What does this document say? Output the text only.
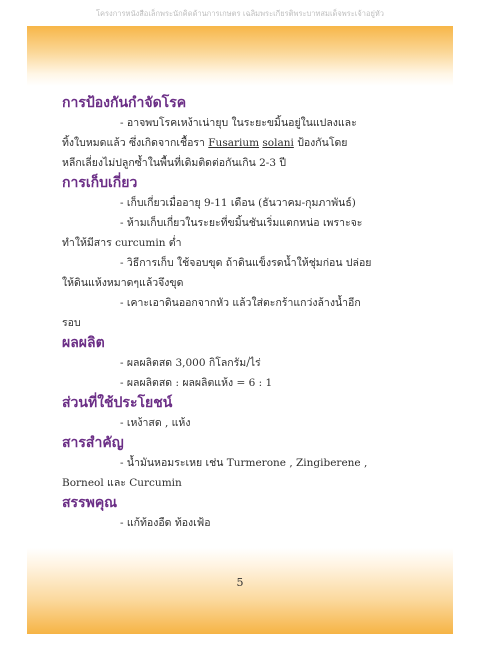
โครงการหนังสือเล็กพระนักคิดด้านการเกษตร เฉลิมพระเกียรติพระบาทสมเด็จพระเจ้าอยู่หัว
การป้องกันกำจัดโรค
- อาจพบโรคเหง้าเน่ายุบ ในระยะขมิ้นอยู่ในแปลงและ
ทิ้งใบหมดแล้ว ซึ่งเกิดจากเชื้อรา Fusarium solani ป้องกันโดย
หลีกเลี่ยงไม่ปลูกซ้ำในพื้นที่เดิมติดต่อกันเกิน 2-3 ปี
การเก็บเกี่ยว
- เก็บเกี่ยวเมื่ออายุ 9-11 เดือน (ธันวาคม-กุมภาพันธ์)
- ห้ามเก็บเกี่ยวในระยะที่ขมิ้นชันเริ่มแตกหน่อ เพราะจะ
ทำให้มีสาร curcumin ต่ำ
- วิธีการเก็บ ใช้จอบขุด ถ้าดินแข็งรดน้ำให้ชุ่มก่อน ปล่อย
ให้ดินแห้งหมาดๆแล้วจึงขุด
- เคาะเอาดินออกจากหัว แล้วใส่ตะกร้าแกว่งล้างน้ำอีก
รอบ
ผลผลิต
- ผลผลิตสด 3,000 กิโลกรัม/ไร่
- ผลผลิตสด : ผลผลิตแห้ง = 6 : 1
ส่วนที่ใช้ประโยชน์
- เหง้าสด , แห้ง
สารสำคัญ
- น้ำมันหอมระเหย เช่น Turmerone , Zingiberene ,
Borneol และ Curcumin
สรรพคุณ
- แก้ท้องอืด ท้องเฟ้อ
5
